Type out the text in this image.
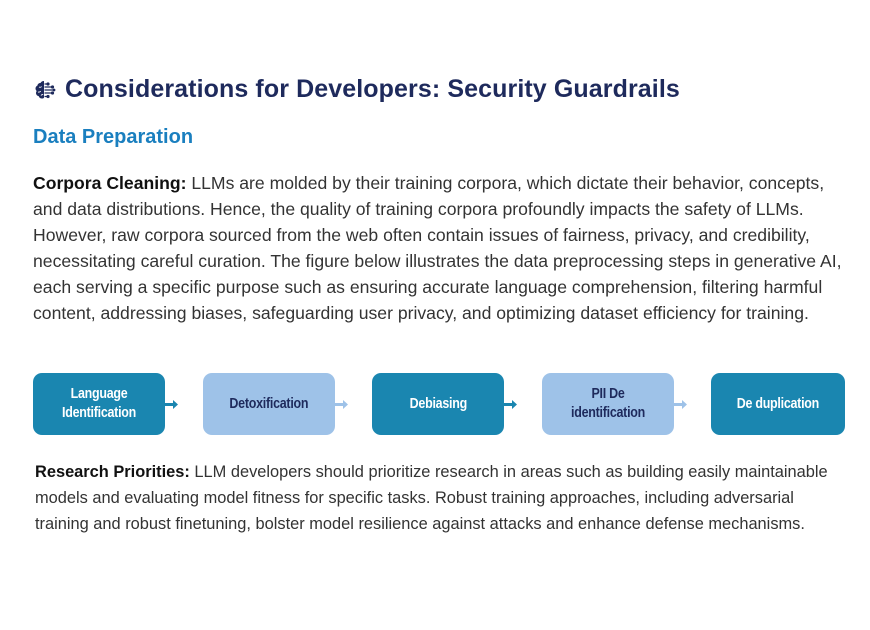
Considerations for Developers: Security Guardrails
Data Preparation

Corpora Cleaning: LLMs are molded by their training corpora, which dictate their behavior, concepts, and data distributions. Hence, the quality of training corpora profoundly impacts the safety of LLMs. However, raw corpora sourced from the web often contain issues of fairness, privacy, and credibility, necessitating careful curation. The figure below illustrates the data preprocessing steps in generative AI, each serving a specific purpose such as ensuring accurate language comprehension, filtering harmful content, addressing biases, safeguarding user privacy, and optimizing dataset efficiency for training.

Language
Identification
Detoxification	Debiasing
PII De
identification
De duplication

Research Priorities: LLM developers should prioritize research in areas such as building easily maintainable models and evaluating model fitness for specific tasks. Robust training approaches, including adversarial training and robust finetuning, bolster model resilience against attacks and enhance defense mechanisms.
